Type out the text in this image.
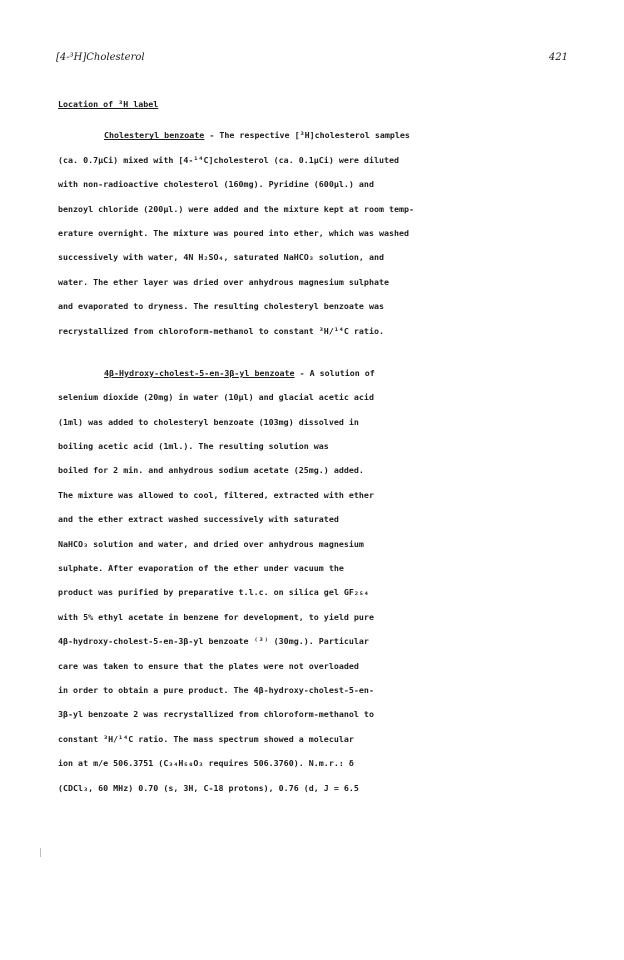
[4-³H]Cholesterol	421
Location of ³H label
Cholesteryl benzoate - The respective [³H]cholesterol samples
(ca. 0.7µCi) mixed with [4-¹⁴C]cholesterol (ca. 0.1µCi) were diluted
with non-radioactive cholesterol (160mg). Pyridine (600µl.) and
benzoyl chloride (200µl.) were added and the mixture kept at room temp-
erature overnight. The mixture was poured into ether, which was washed
successively with water, 4N H₂SO₄, saturated NaHCO₃ solution, and
water. The ether layer was dried over anhydrous magnesium sulphate
and evaporated to dryness. The resulting cholesteryl benzoate was
recrystallized from chloroform-methanol to constant ³H/¹⁴C ratio.
4β-Hydroxy-cholest-5-en-3β-yl benzoate - A solution of
selenium dioxide (20mg) in water (10µl) and glacial acetic acid
(1ml) was added to cholesteryl benzoate (103mg) dissolved in
boiling acetic acid (1ml.). The resulting solution was
boiled for 2 min. and anhydrous sodium acetate (25mg.) added.
The mixture was allowed to cool, filtered, extracted with ether
and the ether extract washed successively with saturated
NaHCO₃ solution and water, and dried over anhydrous magnesium
sulphate. After evaporation of the ether under vacuum the
product was purified by preparative t.l.c. on silica gel GF₂₅₄
with 5% ethyl acetate in benzene for development, to yield pure
4β-hydroxy-cholest-5-en-3β-yl benzoate ⁽³⁾ (30mg.). Particular
care was taken to ensure that the plates were not overloaded
in order to obtain a pure product. The 4β-hydroxy-cholest-5-en-
3β-yl benzoate 2 was recrystallized from chloroform-methanol to
constant ³H/¹⁴C ratio. The mass spectrum showed a molecular
ion at m/e 506.3751 (C₃₄H₅₀O₃ requires 506.3760). N.m.r.: δ
(CDCl₃, 60 MHz) 0.70 (s, 3H, C-18 protons), 0.76 (d, J = 6.5
